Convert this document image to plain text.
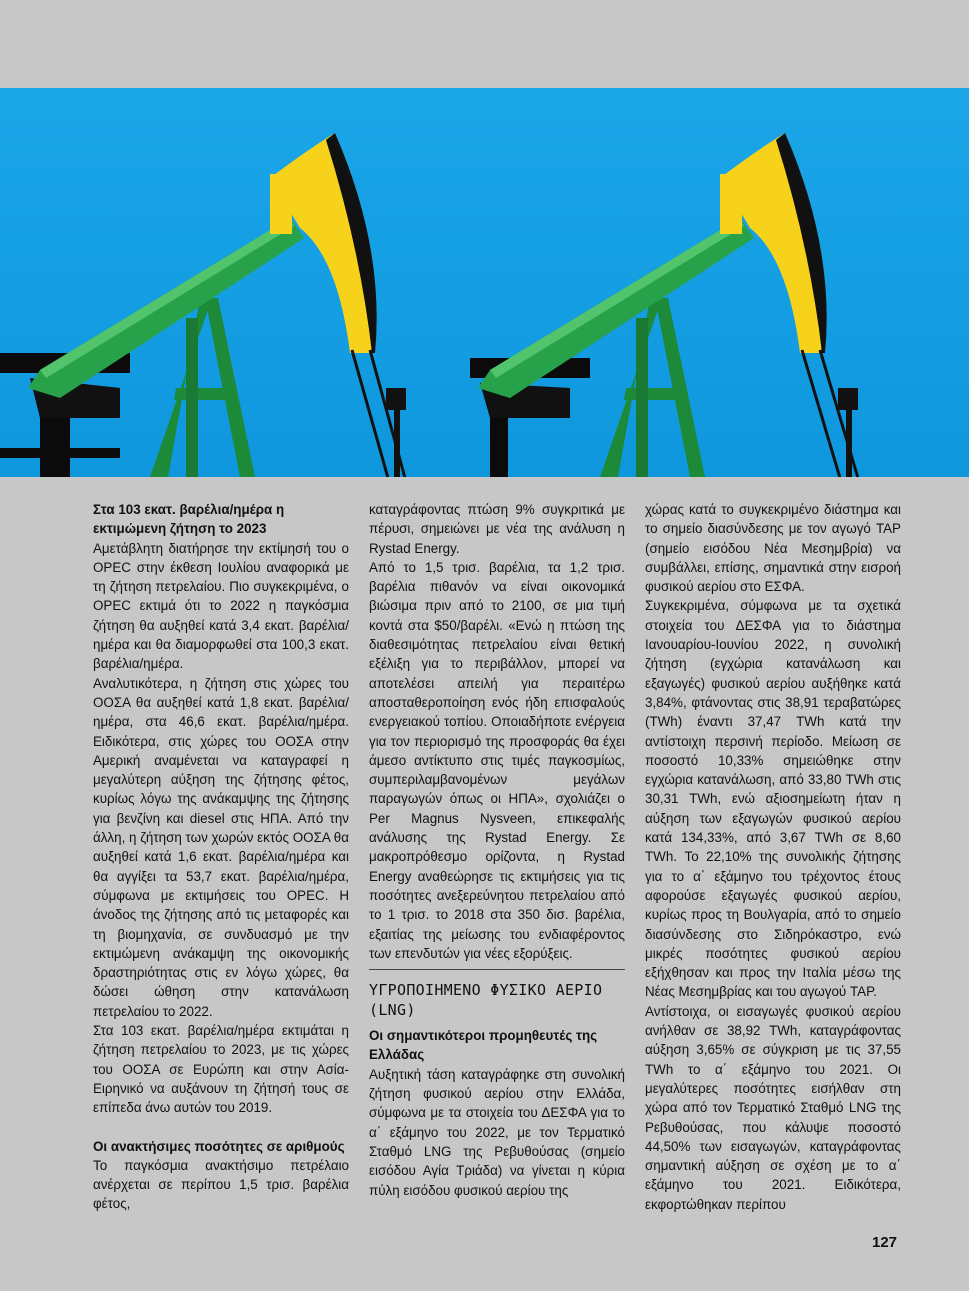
Στα 103 εκατ. βαρέλια/ημέρα η εκτιμώμενη ζήτηση το 2023

Αμετάβλητη διατήρησε την εκτίμησή του ο OPEC στην έκθεση Ιουλίου αναφορικά με τη ζήτηση πετρελαίου. Πιο συγκεκριμένα, ο OPEC εκτιμά ότι το 2022 η παγκόσμια ζήτηση θα αυξηθεί κατά 3,4 εκατ. βαρέλια/ημέρα και θα διαμορφωθεί στα 100,3 εκατ. βαρέλια/ημέρα.

Αναλυτικότερα, η ζήτηση στις χώρες του ΟΟΣΑ θα αυξηθεί κατά 1,8 εκατ. βαρέλια/ημέρα, στα 46,6 εκατ. βαρέλια/ημέρα. Ειδικότερα, στις χώρες του ΟΟΣΑ στην Αμερική αναμένεται να καταγραφεί η μεγαλύτερη αύξηση της ζήτησης φέτος, κυρίως λόγω της ανάκαμψης της ζήτησης για βενζίνη και diesel στις ΗΠΑ. Από την άλλη, η ζήτηση των χωρών εκτός ΟΟΣΑ θα αυξηθεί κατά 1,6 εκατ. βαρέλια/ημέρα και θα αγγίξει τα 53,7 εκατ. βαρέλια/ημέρα, σύμφωνα με εκτιμήσεις του OPEC. Η άνοδος της ζήτησης από τις μεταφορές και τη βιομηχανία, σε συνδυασμό με την εκτιμώμενη ανάκαμψη της οικονομικής δραστηριότητας στις εν λόγω χώρες, θα δώσει ώθηση στην κατανάλωση πετρελαίου το 2022.

Στα 103 εκατ. βαρέλια/ημέρα εκτιμάται η ζήτηση πετρελαίου το 2023, με τις χώρες του ΟΟΣΑ σε Ευρώπη και στην Ασία-Ειρηνικό να αυξάνουν τη ζήτησή τους σε επίπεδα άνω αυτών του 2019.

Οι ανακτήσιμες ποσότητες σε αριθμούς

Το παγκόσμια ανακτήσιμο πετρέλαιο ανέρχεται σε περίπου 1,5 τρισ. βαρέλια φέτος,

καταγράφοντας πτώση 9% συγκριτικά με πέρυσι, σημειώνει με νέα της ανάλυση η Rystad Energy.

Από το 1,5 τρισ. βαρέλια, τα 1,2 τρισ. βαρέλια πιθανόν να είναι οικονομικά βιώσιμα πριν από το 2100, σε μια τιμή κοντά στα $50/βαρέλι. «Ενώ η πτώση της διαθεσιμότητας πετρελαίου είναι θετική εξέλιξη για το περιβάλλον, μπορεί να αποτελέσει απειλή για περαιτέρω αποσταθεροποίηση ενός ήδη επισφαλούς ενεργειακού τοπίου. Οποιαδήποτε ενέργεια για τον περιορισμό της προσφοράς θα έχει άμεσο αντίκτυπο στις τιμές παγκοσμίως, συμπεριλαμβανομένων μεγάλων παραγωγών όπως οι ΗΠΑ», σχολιάζει ο Per Magnus Nysveen, επικεφαλής ανάλυσης της Rystad Energy. Σε μακροπρόθεσμο ορίζοντα, η Rystad Energy αναθεώρησε τις εκτιμήσεις για τις ποσότητες ανεξερεύνητου πετρελαίου από το 1 τρισ. το 2018 στα 350 δισ. βαρέλια, εξαιτίας της μείωσης του ενδιαφέροντος των επενδυτών για νέες εξορύξεις.

ΥΓΡΟΠΟΙΗΜΕΝΟ ΦΥΣΙΚΟ ΑΕΡΙΟ (LNG)

Οι σημαντικότεροι προμηθευτές της Ελλάδας

Αυξητική τάση καταγράφηκε στη συνολική ζήτηση φυσικού αερίου στην Ελλάδα, σύμφωνα με τα στοιχεία του ΔΕΣΦΑ για το α΄ εξάμηνο του 2022, με τον Τερματικό Σταθμό LNG της Ρεβυθούσας (σημείο εισόδου Αγία Τριάδα) να γίνεται η κύρια πύλη εισόδου φυσικού αερίου της

χώρας κατά το συγκεκριμένο διάστημα και το σημείο διασύνδεσης με τον αγωγό TAP (σημείο εισόδου Νέα Μεσημβρία) να συμβάλλει, επίσης, σημαντικά στην εισροή φυσικού αερίου στο ΕΣΦΑ.

Συγκεκριμένα, σύμφωνα με τα σχετικά στοιχεία του ΔΕΣΦΑ για το διάστημα Ιανουαρίου-Ιουνίου 2022, η συνολική ζήτηση (εγχώρια κατανάλωση και εξαγωγές) φυσικού αερίου αυξήθηκε κατά 3,84%, φτάνοντας στις 38,91 τεραβατώρες (TWh) έναντι 37,47 TWh κατά την αντίστοιχη περσινή περίοδο. Μείωση σε ποσοστό 10,33% σημειώθηκε στην εγχώρια κατανάλωση, από 33,80 TWh στις 30,31 TWh, ενώ αξιοσημείωτη ήταν η αύξηση των εξαγωγών φυσικού αερίου κατά 134,33%, από 3,67 TWh σε 8,60 TWh. Το 22,10% της συνολικής ζήτησης για το α΄ εξάμηνο του τρέχοντος έτους αφορούσε εξαγωγές φυσικού αερίου, κυρίως προς τη Βουλγαρία, από το σημείο διασύνδεσης στο Σιδηρόκαστρο, ενώ μικρές ποσότητες φυσικού αερίου εξήχθησαν και προς την Ιταλία μέσω της Νέας Μεσημβρίας και του αγωγού TAP.

Αντίστοιχα, οι εισαγωγές φυσικού αερίου ανήλθαν σε 38,92 TWh, καταγράφοντας αύξηση 3,65% σε σύγκριση με τις 37,55 TWh το α΄ εξάμηνο του 2021. Οι μεγαλύτερες ποσότητες εισήλθαν στη χώρα από τον Τερματικό Σταθμό LNG της Ρεβυθούσας, που κάλυψε ποσοστό 44,50% των εισαγωγών, καταγράφοντας σημαντική αύξηση σε σχέση με το α΄ εξάμηνο του 2021. Ειδικότερα, εκφορτώθηκαν περίπου

127
